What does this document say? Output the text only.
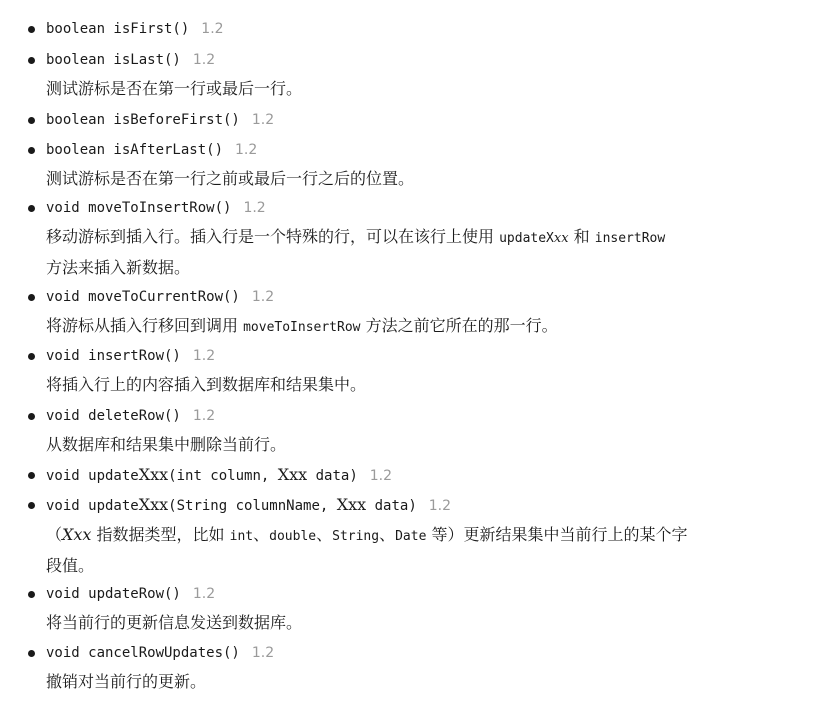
boolean isFirst() 1.2
boolean isLast() 1.2
测试游标是否在第一行或最后一行。
boolean isBeforeFirst() 1.2
boolean isAfterLast() 1.2
测试游标是否在第一行之前或最后一行之后的位置。
void moveToInsertRow() 1.2
移动游标到插入行。插入行是一个特殊的行，可以在该行上使用 updateXxx 和 insertRow
方法来插入新数据。
void moveToCurrentRow() 1.2
将游标从插入行移回到调用 moveToInsertRow 方法之前它所在的那一行。
void insertRow() 1.2
将插入行上的内容插入到数据库和结果集中。
void deleteRow() 1.2
从数据库和结果集中删除当前行。
void updateXxx(int column, Xxx data) 1.2
void updateXxx(String columnName, Xxx data) 1.2
（Xxx 指数据类型，比如 int、double、String、Date 等）更新结果集中当前行上的某个字
段值。
void updateRow() 1.2
将当前行的更新信息发送到数据库。
void cancelRowUpdates() 1.2
撤销对当前行的更新。
